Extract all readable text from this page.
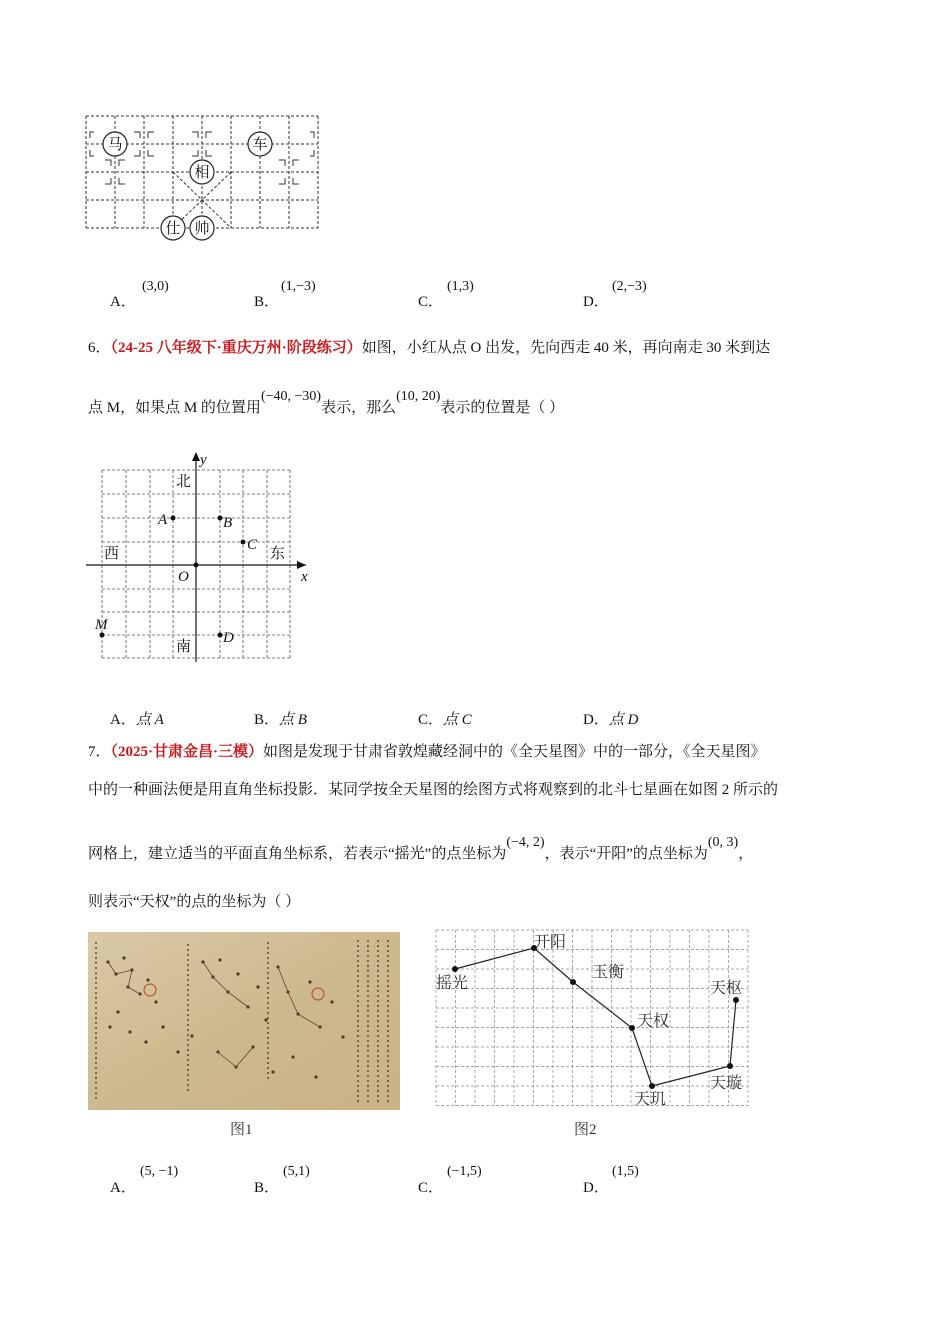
马	车
相
仕 帅
A．
(3,0)
B．
(1,−3)
C．
(1,3)
D．
(2,−3)
6．（24-25 八年级下·重庆万州·阶段练习）如图，小红从点 O 出发，先向西走 40 米，再向南走 30 米到达
点 M，如果点 M 的位置用(−40, −30)表示，那么(10, 20)表示的位置是（ ）
y
x
北
南
西	东
O
A	B
C
D
M
A．点 A	B．点 B	C．点 C	D．点 D
7．（2025·甘肃金昌·三模）如图是发现于甘肃省敦煌藏经洞中的《全天星图》中的一部分，《全天星图》
中的一种画法便是用直角坐标投影．某同学按全天星图的绘图方式将观察到的北斗七星画在如图 2 所示的
网格上，建立适当的平面直角坐标系，若表示“摇光”的点坐标为(−4, 2)，表示“开阳”的点坐标为(0, 3)，
则表示“天权”的点的坐标为（ ）
图1
摇光
开阳
玉衡
天权
天玑
天璇
天枢
图2
A．
(5, −1)
B．
(5,1)
C．
(−1,5)
D．
(1,5)
